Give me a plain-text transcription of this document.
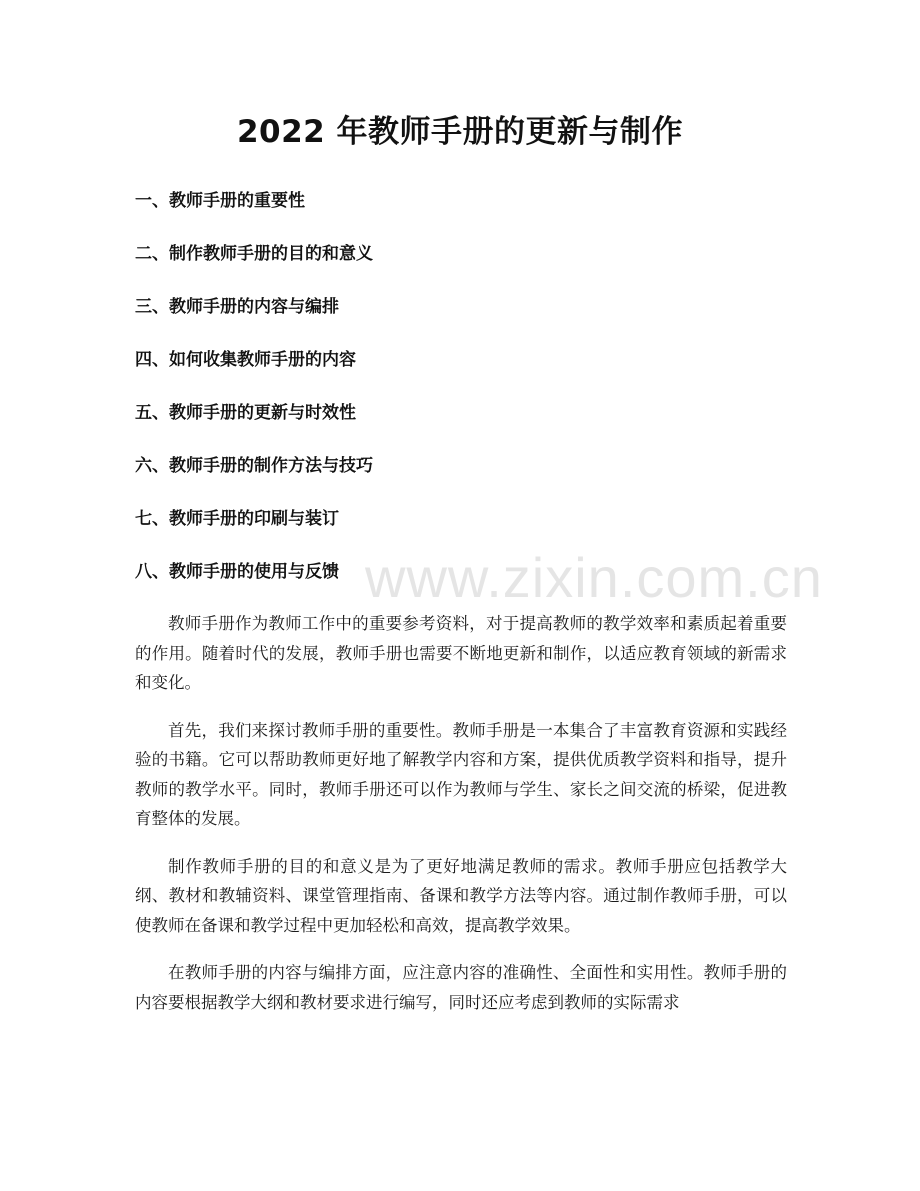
2022 年教师手册的更新与制作
一、教师手册的重要性
二、制作教师手册的目的和意义
三、教师手册的内容与编排
四、如何收集教师手册的内容
五、教师手册的更新与时效性
六、教师手册的制作方法与技巧
七、教师手册的印刷与装订
八、教师手册的使用与反馈 www.zixin.com.cn

教师手册作为教师工作中的重要参考资料，对于提高教师的教学效率和素质起着重要的作用。随着时代的发展，教师手册也需要不断地更新和制作，以适应教育领域的新需求和变化。

首先，我们来探讨教师手册的重要性。教师手册是一本集合了丰富教育资源和实践经验的书籍。它可以帮助教师更好地了解教学内容和方案，提供优质教学资料和指导，提升教师的教学水平。同时，教师手册还可以作为教师与学生、家长之间交流的桥梁，促进教育整体的发展。

制作教师手册的目的和意义是为了更好地满足教师的需求。教师手册应包括教学大纲、教材和教辅资料、课堂管理指南、备课和教学方法等内容。通过制作教师手册，可以使教师在备课和教学过程中更加轻松和高效，提高教学效果。

在教师手册的内容与编排方面，应注意内容的准确性、全面性和实用性。教师手册的内容要根据教学大纲和教材要求进行编写，同时还应考虑到教师的实际需求
